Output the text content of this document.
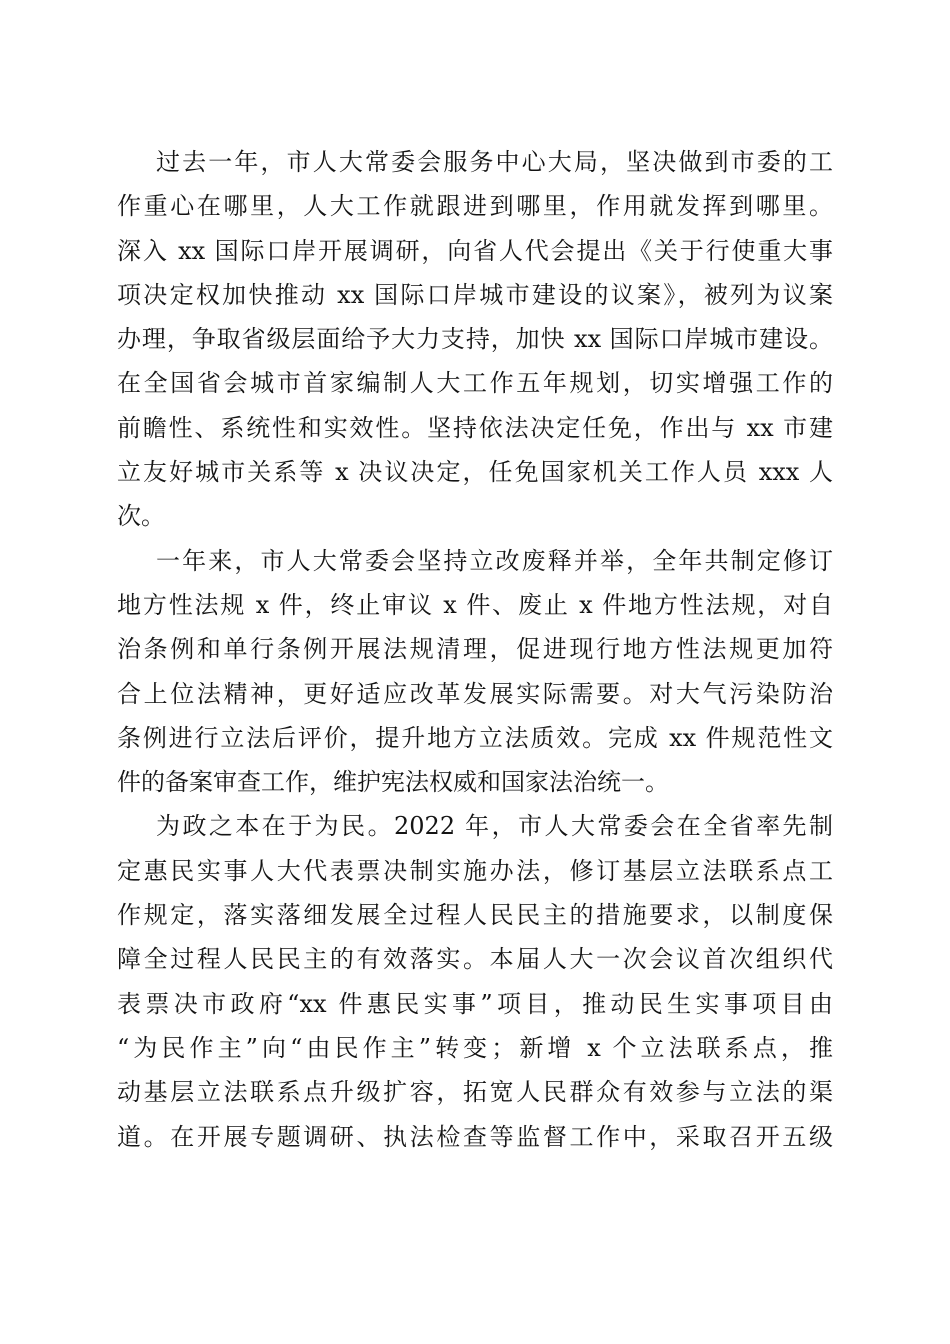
过去一年，市人大常委会服务中心大局，坚决做到市委的工
作重心在哪里，人大工作就跟进到哪里，作用就发挥到哪里。
深入 xx 国际口岸开展调研，向省人代会提出《关于行使重大事
项决定权加快推动 xx 国际口岸城市建设的议案》，被列为议案
办理，争取省级层面给予大力支持，加快 xx 国际口岸城市建设。
在全国省会城市首家编制人大工作五年规划，切实增强工作的
前瞻性、系统性和实效性。坚持依法决定任免，作出与 xx 市建
立友好城市关系等 x 决议决定，任免国家机关工作人员 xxx 人
次。
一年来，市人大常委会坚持立改废释并举，全年共制定修订
地方性法规 x 件，终止审议 x 件、废止 x 件地方性法规，对自
治条例和单行条例开展法规清理，促进现行地方性法规更加符
合上位法精神，更好适应改革发展实际需要。对大气污染防治
条例进行立法后评价，提升地方立法质效。完成 xx 件规范性文
件的备案审查工作，维护宪法权威和国家法治统一。
为政之本在于为民。2022 年，市人大常委会在全省率先制
定惠民实事人大代表票决制实施办法，修订基层立法联系点工
作规定，落实落细发展全过程人民民主的措施要求，以制度保
障全过程人民民主的有效落实。本届人大一次会议首次组织代
表票决市政府“xx 件惠民实事”项目，推动民生实事项目由
“为民作主”向“由民作主”转变；新增 x 个立法联系点，推
动基层立法联系点升级扩容，拓宽人民群众有效参与立法的渠
道。在开展专题调研、执法检查等监督工作中，采取召开五级
